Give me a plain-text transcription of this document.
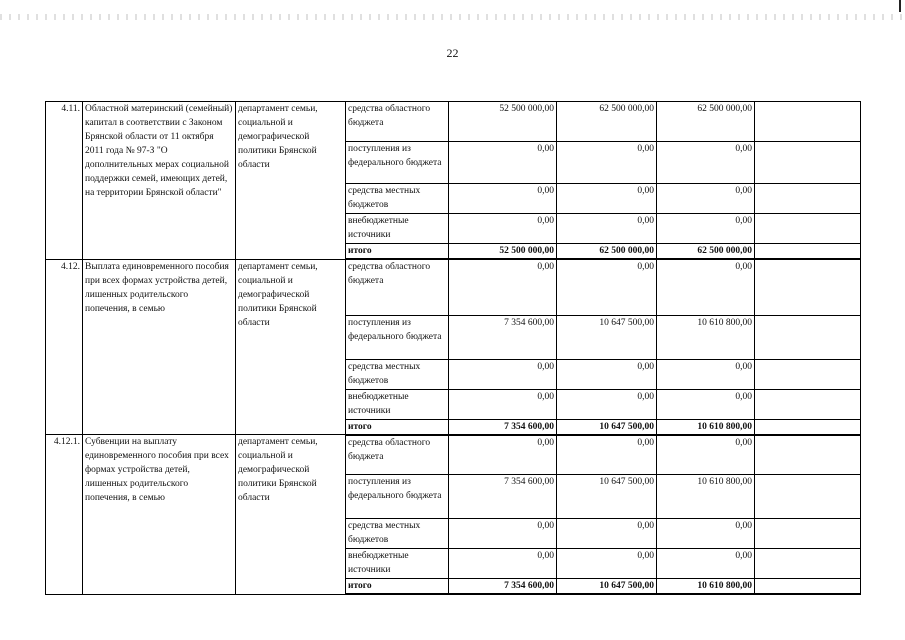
22
4.11.	Областной материнский (семейный) капитал в соответствии с Законом Брянской области от 11 октября 2011 года № 97-З "О дополнительных мерах социальной поддержки семей, имеющих детей, на территории Брянской области"	департамент семьи, социальной и демографической политики Брянской области	средства областного бюджета	52 500 000,00	62 500 000,00	62 500 000,00	
			поступления из федерального бюджета	0,00	0,00	0,00	
			средства местных бюджетов	0,00	0,00	0,00	
			внебюджетные источники	0,00	0,00	0,00	
			итого	52 500 000,00	62 500 000,00	62 500 000,00	
4.12.	Выплата единовременного пособия при всех формах устройства детей, лишенных родительского попечения, в семью	департамент семьи, социальной и демографической политики Брянской области	средства областного бюджета	0,00	0,00	0,00	
			поступления из федерального бюджета	7 354 600,00	10 647 500,00	10 610 800,00	
			средства местных бюджетов	0,00	0,00	0,00	
			внебюджетные источники	0,00	0,00	0,00	
			итого	7 354 600,00	10 647 500,00	10 610 800,00	
4.12.1.	Субвенции на выплату единовременного пособия при всех формах устройства детей, лишенных родительского попечения, в семью	департамент семьи, социальной и демографической политики Брянской области	средства областного бюджета	0,00	0,00	0,00	
			поступления из федерального бюджета	7 354 600,00	10 647 500,00	10 610 800,00	
			средства местных бюджетов	0,00	0,00	0,00	
			внебюджетные источники	0,00	0,00	0,00	
			итого	7 354 600,00	10 647 500,00	10 610 800,00	
